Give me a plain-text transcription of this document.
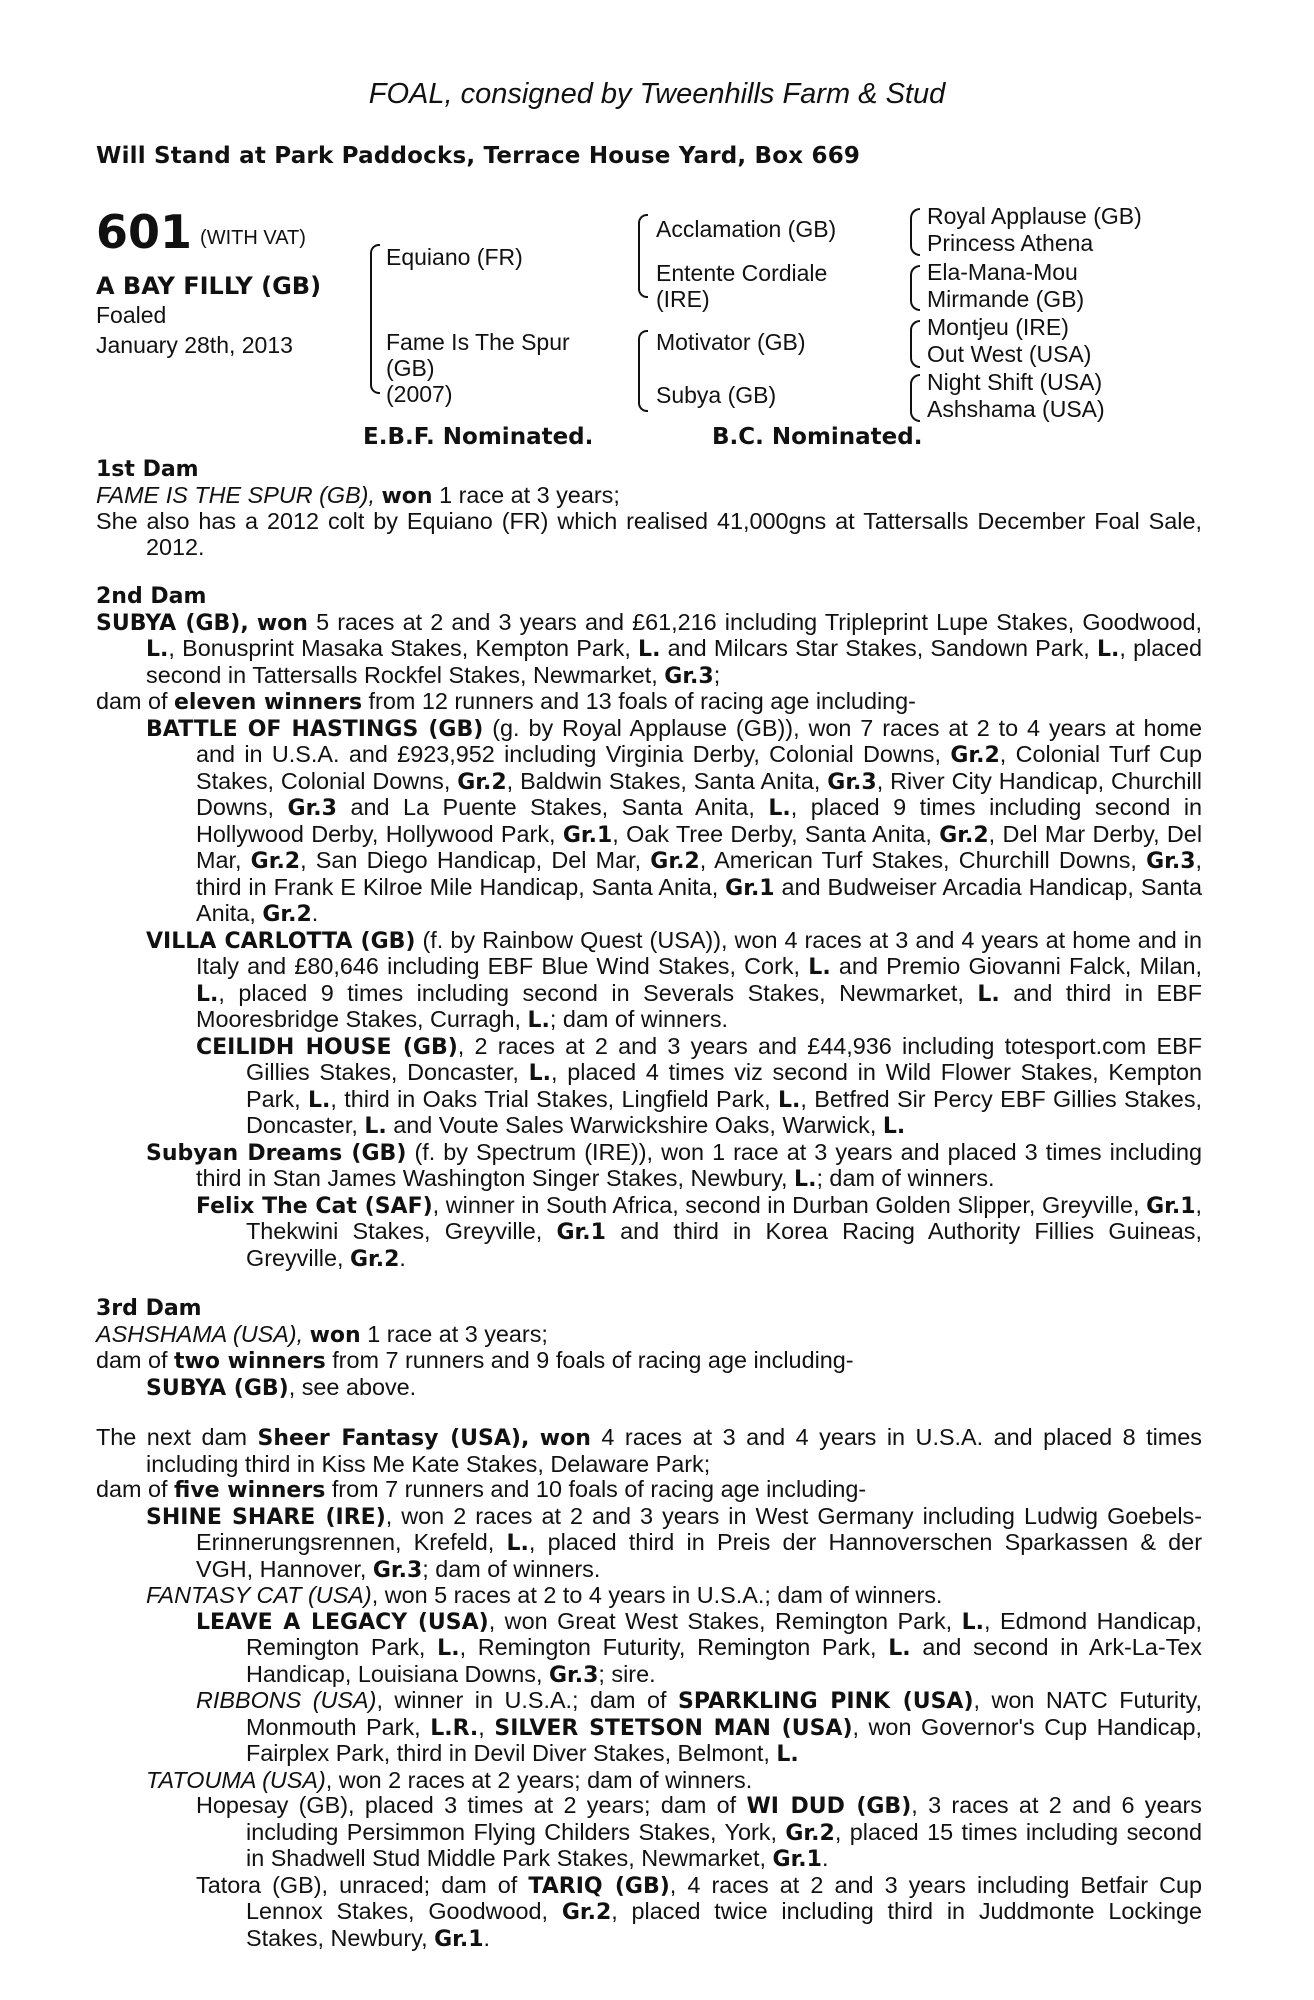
FOAL, consigned by Tweenhills Farm & Stud
Will Stand at Park Paddocks, Terrace House Yard, Box 669
601 (WITH VAT)
A BAY FILLY (GB)
Foaled
January 28th, 2013
Equiano (FR)
Fame Is The Spur
(GB)
(2007)
Acclamation (GB)
Entente Cordiale
(IRE)
Motivator (GB)
Subya (GB)
Royal Applause (GB)
Princess Athena
Ela-Mana-Mou
Mirmande (GB)
Montjeu (IRE)
Out West (USA)
Night Shift (USA)
Ashshama (USA)
E.B.F. Nominated.	B.C. Nominated.
1st Dam
FAME IS THE SPUR (GB), won 1 race at 3 years;
She also has a 2012 colt by Equiano (FR) which realised 41,000gns at Tattersalls December Foal Sale, 2012.
2nd Dam
SUBYA (GB), won 5 races at 2 and 3 years and £61,216 including Tripleprint Lupe Stakes, Goodwood, L., Bonusprint Masaka Stakes, Kempton Park, L. and Milcars Star Stakes, Sandown Park, L., placed second in Tattersalls Rockfel Stakes, Newmarket, Gr.3;
dam of eleven winners from 12 runners and 13 foals of racing age including-
BATTLE OF HASTINGS (GB) (g. by Royal Applause (GB)), won 7 races at 2 to 4 years at home and in U.S.A. and £923,952 including Virginia Derby, Colonial Downs, Gr.2, Colonial Turf Cup Stakes, Colonial Downs, Gr.2, Baldwin Stakes, Santa Anita, Gr.3, River City Handicap, Churchill Downs, Gr.3 and La Puente Stakes, Santa Anita, L., placed 9 times including second in Hollywood Derby, Hollywood Park, Gr.1, Oak Tree Derby, Santa Anita, Gr.2, Del Mar Derby, Del Mar, Gr.2, San Diego Handicap, Del Mar, Gr.2, American Turf Stakes, Churchill Downs, Gr.3, third in Frank E Kilroe Mile Handicap, Santa Anita, Gr.1 and Budweiser Arcadia Handicap, Santa Anita, Gr.2.
VILLA CARLOTTA (GB) (f. by Rainbow Quest (USA)), won 4 races at 3 and 4 years at home and in Italy and £80,646 including EBF Blue Wind Stakes, Cork, L. and Premio Giovanni Falck, Milan, L., placed 9 times including second in Severals Stakes, Newmarket, L. and third in EBF Mooresbridge Stakes, Curragh, L.; dam of winners.
CEILIDH HOUSE (GB), 2 races at 2 and 3 years and £44,936 including totesport.com EBF Gillies Stakes, Doncaster, L., placed 4 times viz second in Wild Flower Stakes, Kempton Park, L., third in Oaks Trial Stakes, Lingfield Park, L., Betfred Sir Percy EBF Gillies Stakes, Doncaster, L. and Voute Sales Warwickshire Oaks, Warwick, L.
Subyan Dreams (GB) (f. by Spectrum (IRE)), won 1 race at 3 years and placed 3 times including third in Stan James Washington Singer Stakes, Newbury, L.; dam of winners.
Felix The Cat (SAF), winner in South Africa, second in Durban Golden Slipper, Greyville, Gr.1, Thekwini Stakes, Greyville, Gr.1 and third in Korea Racing Authority Fillies Guineas, Greyville, Gr.2.
3rd Dam
ASHSHAMA (USA), won 1 race at 3 years;
dam of two winners from 7 runners and 9 foals of racing age including-
SUBYA (GB), see above.
The next dam Sheer Fantasy (USA), won 4 races at 3 and 4 years in U.S.A. and placed 8 times including third in Kiss Me Kate Stakes, Delaware Park;
dam of five winners from 7 runners and 10 foals of racing age including-
SHINE SHARE (IRE), won 2 races at 2 and 3 years in West Germany including Ludwig Goebels-Erinnerungsrennen, Krefeld, L., placed third in Preis der Hannoverschen Sparkassen & der VGH, Hannover, Gr.3; dam of winners.
FANTASY CAT (USA), won 5 races at 2 to 4 years in U.S.A.; dam of winners.
LEAVE A LEGACY (USA), won Great West Stakes, Remington Park, L., Edmond Handicap, Remington Park, L., Remington Futurity, Remington Park, L. and second in Ark-La-Tex Handicap, Louisiana Downs, Gr.3; sire.
RIBBONS (USA), winner in U.S.A.; dam of SPARKLING PINK (USA), won NATC Futurity, Monmouth Park, L.R., SILVER STETSON MAN (USA), won Governor's Cup Handicap, Fairplex Park, third in Devil Diver Stakes, Belmont, L.
TATOUMA (USA), won 2 races at 2 years; dam of winners.
Hopesay (GB), placed 3 times at 2 years; dam of WI DUD (GB), 3 races at 2 and 6 years including Persimmon Flying Childers Stakes, York, Gr.2, placed 15 times including second in Shadwell Stud Middle Park Stakes, Newmarket, Gr.1.
Tatora (GB), unraced; dam of TARIQ (GB), 4 races at 2 and 3 years including Betfair Cup Lennox Stakes, Goodwood, Gr.2, placed twice including third in Juddmonte Lockinge Stakes, Newbury, Gr.1.
